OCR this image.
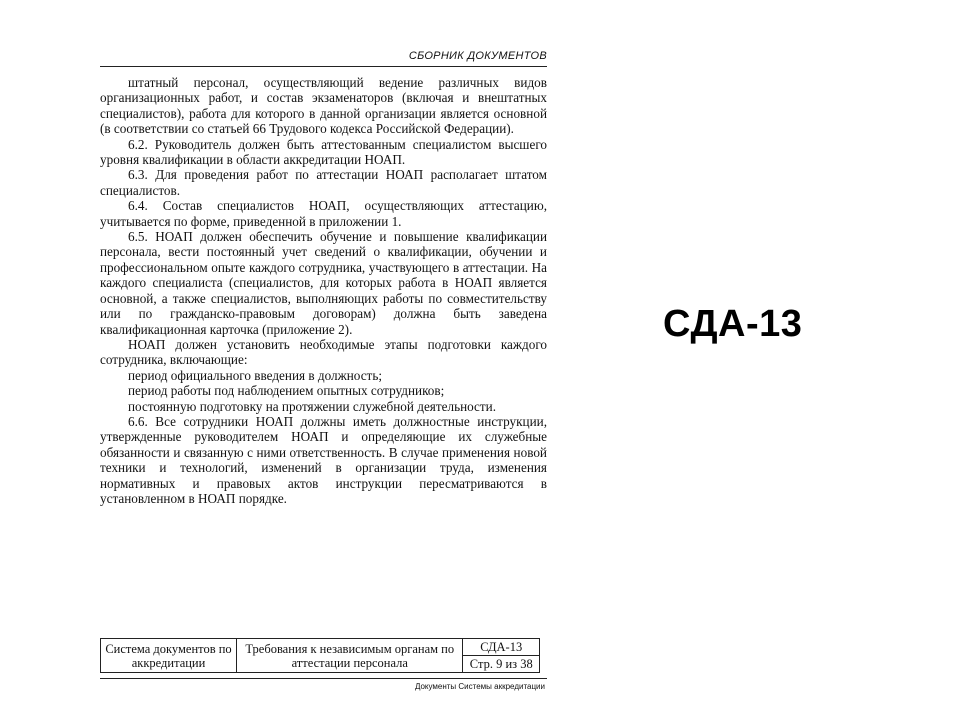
СБОРНИК ДОКУМЕНТОВ

штатный персонал, осуществляющий ведение различных видов организационных работ, и состав экзаменаторов (включая и внештатных специалистов), работа для которого в данной организации является основной (в соответствии со статьей 66 Трудового кодекса Российской Федерации).

6.2. Руководитель должен быть аттестованным специалистом высшего уровня квалификации в области аккредитации НОАП.

6.3. Для проведения работ по аттестации НОАП располагает штатом специалистов.

6.4. Состав специалистов НОАП, осуществляющих аттестацию, учитывается по форме, приведенной в приложении 1.

6.5. НОАП должен обеспечить обучение и повышение квалификации персонала, вести постоянный учет сведений о квалификации, обучении и профессиональном опыте каждого сотрудника, участвующего в аттестации. На каждого специалиста (специалистов, для которых работа в НОАП является основной, а также специалистов, выполняющих работы по совместительству или по гражданско-правовым договорам) должна быть заведена квалификационная карточка (приложение 2).

НОАП должен установить необходимые этапы подготовки каждого сотрудника, включающие:

период официального введения в должность;

период работы под наблюдением опытных сотрудников;

постоянную подготовку на протяжении служебной деятельности.

6.6. Все сотрудники НОАП должны иметь должностные инструкции, утвержденные руководителем НОАП и определяющие их служебные обязанности и связанную с ними ответственность. В случае применения новой техники и технологий, изменений в организации труда, изменения нормативных и правовых актов инструкции пересматриваются в установленном в НОАП порядке.

Система документов по аккредитации	Требования к независимым органам по аттестации персонала	
СДА-13
Стр. 9 из 38
Документы Системы аккредитации
СДА-13
